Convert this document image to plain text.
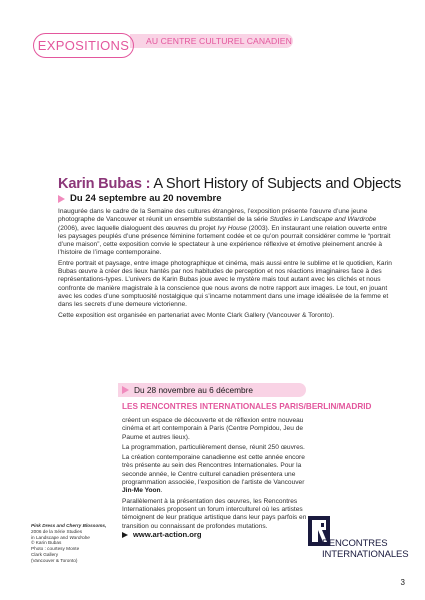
EXPOSITIONS AU CENTRE CULTUREL CANADIEN
Karin Bubas : A Short History of Subjects and Objects
Du 24 septembre au 20 novembre

Inaugurée dans le cadre de la Semaine des cultures étrangères, l’exposition présente l’œuvre d’une jeune photographe de Vancouver et réunit un ensemble substantiel de la série Studies in Landscape and Wardrobe (2006), avec laquelle dialoguent des œuvres du projet Ivy House (2003). En instaurant une relation ouverte entre les paysages peuplés d’une présence féminine fortement codée et ce qu’on pourrait considérer comme le “portrait d’une maison”, cette exposition convie le spectateur à une expérience réflexive et émotive pleinement ancrée à l’histoire de l’image contemporaine.

Entre portrait et paysage, entre image photographique et cinéma, mais aussi entre le sublime et le quotidien, Karin Bubas œuvre à créer des lieux hantés par nos habitudes de perception et nos réactions imaginaires face à des représentations-types. L’univers de Karin Bubas joue avec le mystère mais tout autant avec les clichés et nous confronte de manière magistrale à la conscience que nous avons de notre rapport aux images. Le tout, en jouant avec les codes d’une somptuosité nostalgique qui s’incarne notamment dans une image idéalisée de la femme et dans les secrets d’une demeure victorienne.

Cette exposition est organisée en partenariat avec Monte Clark Gallery (Vancouver & Toronto).

Du 28 novembre au 6 décembre
LES RENCONTRES INTERNATIONALES PARIS/BERLIN/MADRID

créent un espace de découverte et de réflexion entre nouveau cinéma et art contemporain à Paris (Centre Pompidou, Jeu de Paume et autres lieux).

La programmation, particulièrement dense, réunit 250 œuvres.

La création contemporaine canadienne est cette année encore très présente au sein des Rencontres Internationales. Pour la seconde année, le Centre culturel canadien présentera une programmation associée, l’exposition de l’artiste de Vancouver Jin-Me Yoon.

Parallèlement à la présentation des œuvres, les Rencontres Internationales proposent un forum interculturel où les artistes témoignent de leur pratique artistique dans leur pays parfois en transition ou connaissant de profondes mutations.

www.art-action.org
Pink Dress and Cherry Blossoms,
2006 de la Série Studies
in Landscape and Wardrobe
© Karin Bubas
Photo : courtesy Monte
Clark Gallery
(Vancouver & Toronto)
RENCONTRES
INTERNATIONALES
3
